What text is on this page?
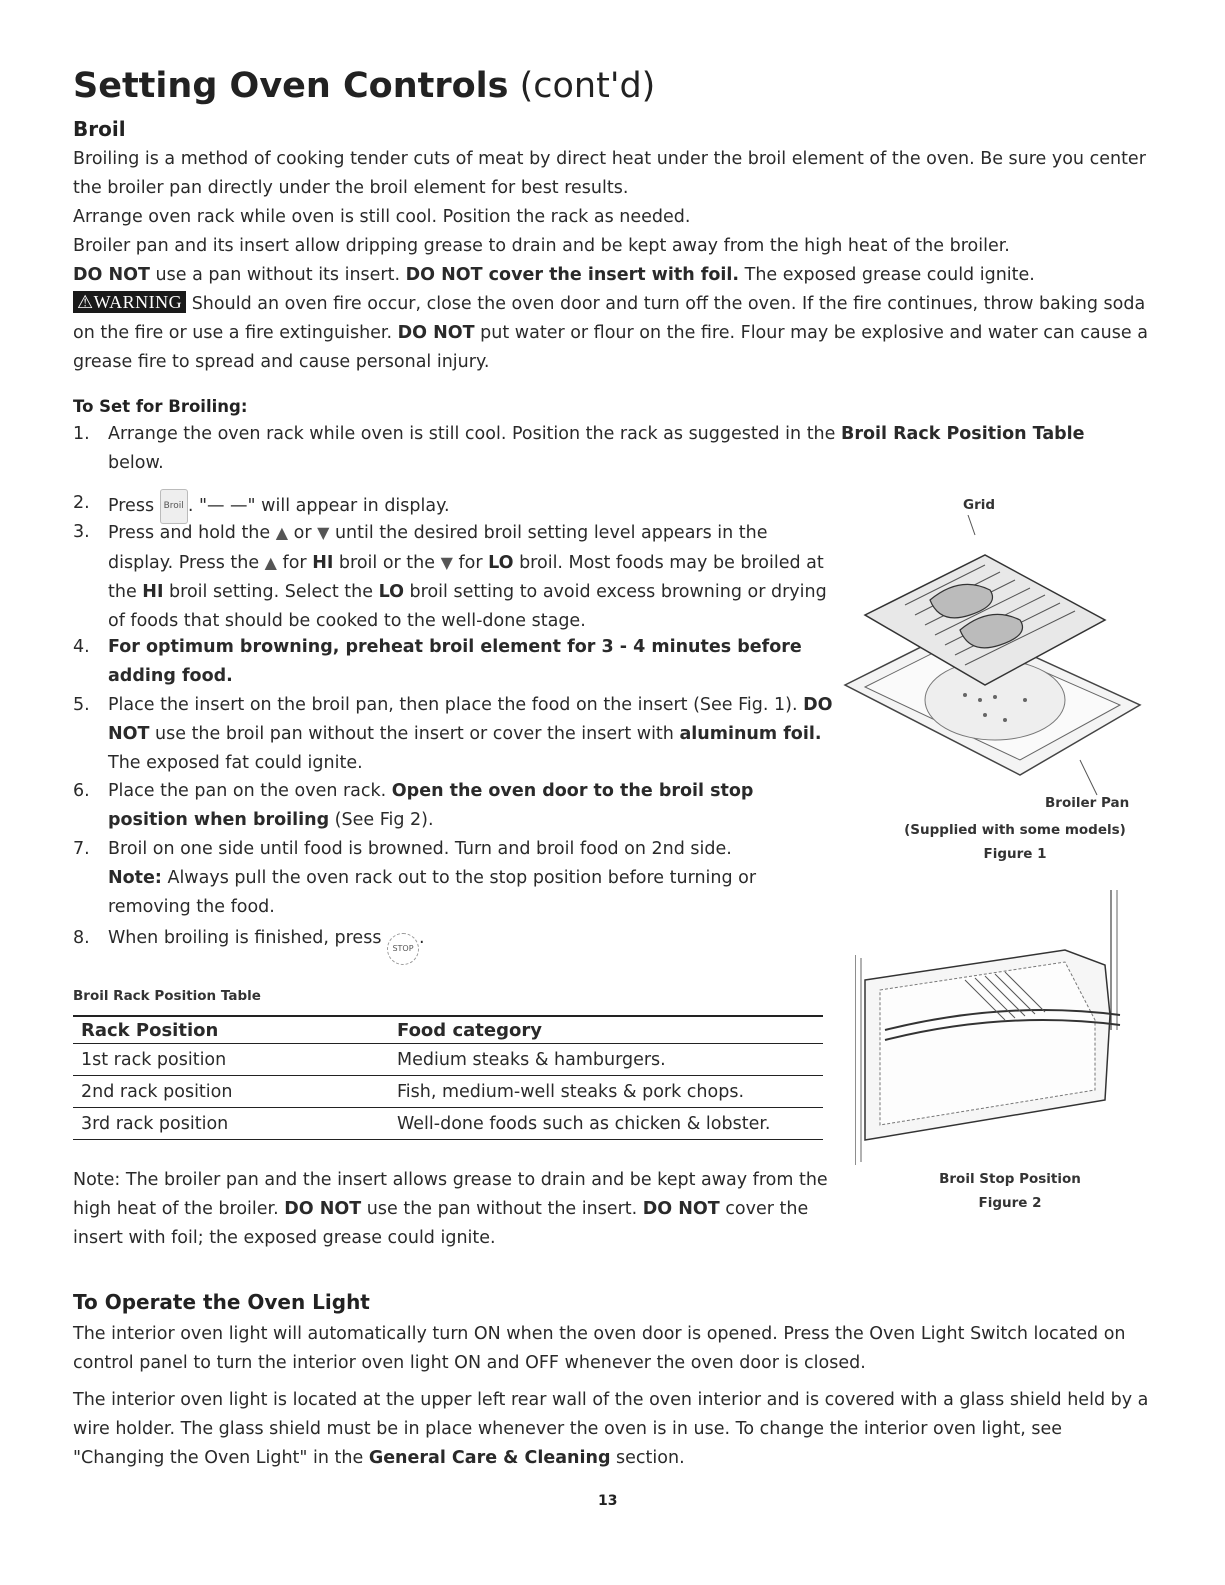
Setting Oven Controls (cont'd)
Broil
Broiling is a method of cooking tender cuts of meat by direct heat under the broil element of the oven. Be sure you center the broiler pan directly under the broil element for best results.
Arrange oven rack while oven is still cool. Position the rack as needed.
Broiler pan and its insert allow dripping grease to drain and be kept away from the high heat of the broiler.
DO NOT use a pan without its insert. DO NOT cover the insert with foil. The exposed grease could ignite.
⚠WARNING Should an oven fire occur, close the oven door and turn off the oven. If the fire continues, throw baking soda on the fire or use a fire extinguisher. DO NOT put water or flour on the fire. Flour may be explosive and water can cause a grease fire to spread and cause personal injury.
To Set for Broiling:
1. Arrange the oven rack while oven is still cool. Position the rack as suggested in the Broil Rack Position Table below.
2. Press Broil . "— —" will appear in display.
3. Press and hold the ▲ or ▼ until the desired broil setting level appears in the display. Press the ▲ for HI broil or the ▼ for LO broil. Most foods may be broiled at the HI broil setting. Select the LO broil setting to avoid excess browning or drying of foods that should be cooked to the well-done stage.
4. For optimum browning, preheat broil element for 3 - 4 minutes before adding food.
5. Place the insert on the broil pan, then place the food on the insert (See Fig. 1). DO NOT use the broil pan without the insert or cover the insert with aluminum foil. The exposed fat could ignite.
6. Place the pan on the oven rack. Open the oven door to the broil stop position when broiling (See Fig 2).
7. Broil on one side until food is browned. Turn and broil food on 2nd side.
Note: Always pull the oven rack out to the stop position before turning or removing the food.
8. When broiling is finished, press STOP.
Broil Rack Position Table
Rack Position	Food category
1st rack position	Medium steaks & hamburgers.
2nd rack position	Fish, medium-well steaks & pork chops.
3rd rack position	Well-done foods such as chicken & lobster.
Note: The broiler pan and the insert allows grease to drain and be kept away from the high heat of the broiler. DO NOT use the pan without the insert. DO NOT cover the insert with foil; the exposed grease could ignite.
Grid
Broiler Pan
(Supplied with some models)
Figure 1
Broil Stop Position
Figure 2
To Operate the Oven Light
The interior oven light will automatically turn ON when the oven door is opened. Press the Oven Light Switch located on control panel to turn the interior oven light ON and OFF whenever the oven door is closed.
The interior oven light is located at the upper left rear wall of the oven interior and is covered with a glass shield held by a wire holder. The glass shield must be in place whenever the oven is in use. To change the interior oven light, see "Changing the Oven Light" in the General Care & Cleaning section.
13
